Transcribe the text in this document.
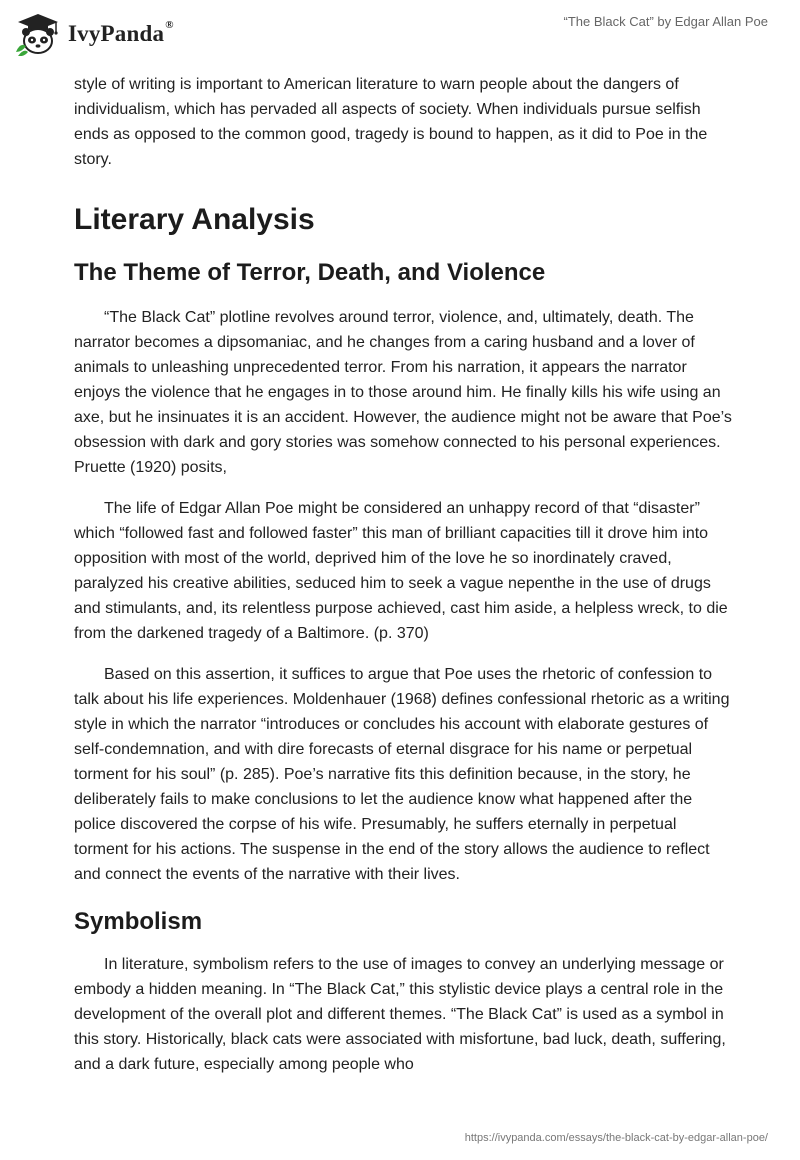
IvyPanda®	“The Black Cat” by Edgar Allan Poe

style of writing is important to American literature to warn people about the dangers of individualism, which has pervaded all aspects of society. When individuals pursue selfish ends as opposed to the common good, tragedy is bound to happen, as it did to Poe in the story.

Literary Analysis
The Theme of Terror, Death, and Violence

“The Black Cat” plotline revolves around terror, violence, and, ultimately, death. The narrator becomes a dipsomaniac, and he changes from a caring husband and a lover of animals to unleashing unprecedented terror. From his narration, it appears the narrator enjoys the violence that he engages in to those around him. He finally kills his wife using an axe, but he insinuates it is an accident. However, the audience might not be aware that Poe’s obsession with dark and gory stories was somehow connected to his personal experiences. Pruette (1920) posits,

The life of Edgar Allan Poe might be considered an unhappy record of that “disaster” which “followed fast and followed faster” this man of brilliant capacities till it drove him into opposition with most of the world, deprived him of the love he so inordinately craved, paralyzed his creative abilities, seduced him to seek a vague nepenthe in the use of drugs and stimulants, and, its relentless purpose achieved, cast him aside, a helpless wreck, to die from the darkened tragedy of a Baltimore. (p. 370)

Based on this assertion, it suffices to argue that Poe uses the rhetoric of confession to talk about his life experiences. Moldenhauer (1968) defines confessional rhetoric as a writing style in which the narrator “introduces or concludes his account with elaborate gestures of self-condemnation, and with dire forecasts of eternal disgrace for his name or perpetual torment for his soul” (p. 285). Poe’s narrative fits this definition because, in the story, he deliberately fails to make conclusions to let the audience know what happened after the police discovered the corpse of his wife. Presumably, he suffers eternally in perpetual torment for his actions. The suspense in the end of the story allows the audience to reflect and connect the events of the narrative with their lives.

Symbolism

In literature, symbolism refers to the use of images to convey an underlying message or embody a hidden meaning. In “The Black Cat,” this stylistic device plays a central role in the development of the overall plot and different themes. “The Black Cat” is used as a symbol in this story. Historically, black cats were associated with misfortune, bad luck, death, suffering, and a dark future, especially among people who

https://ivypanda.com/essays/the-black-cat-by-edgar-allan-poe/
